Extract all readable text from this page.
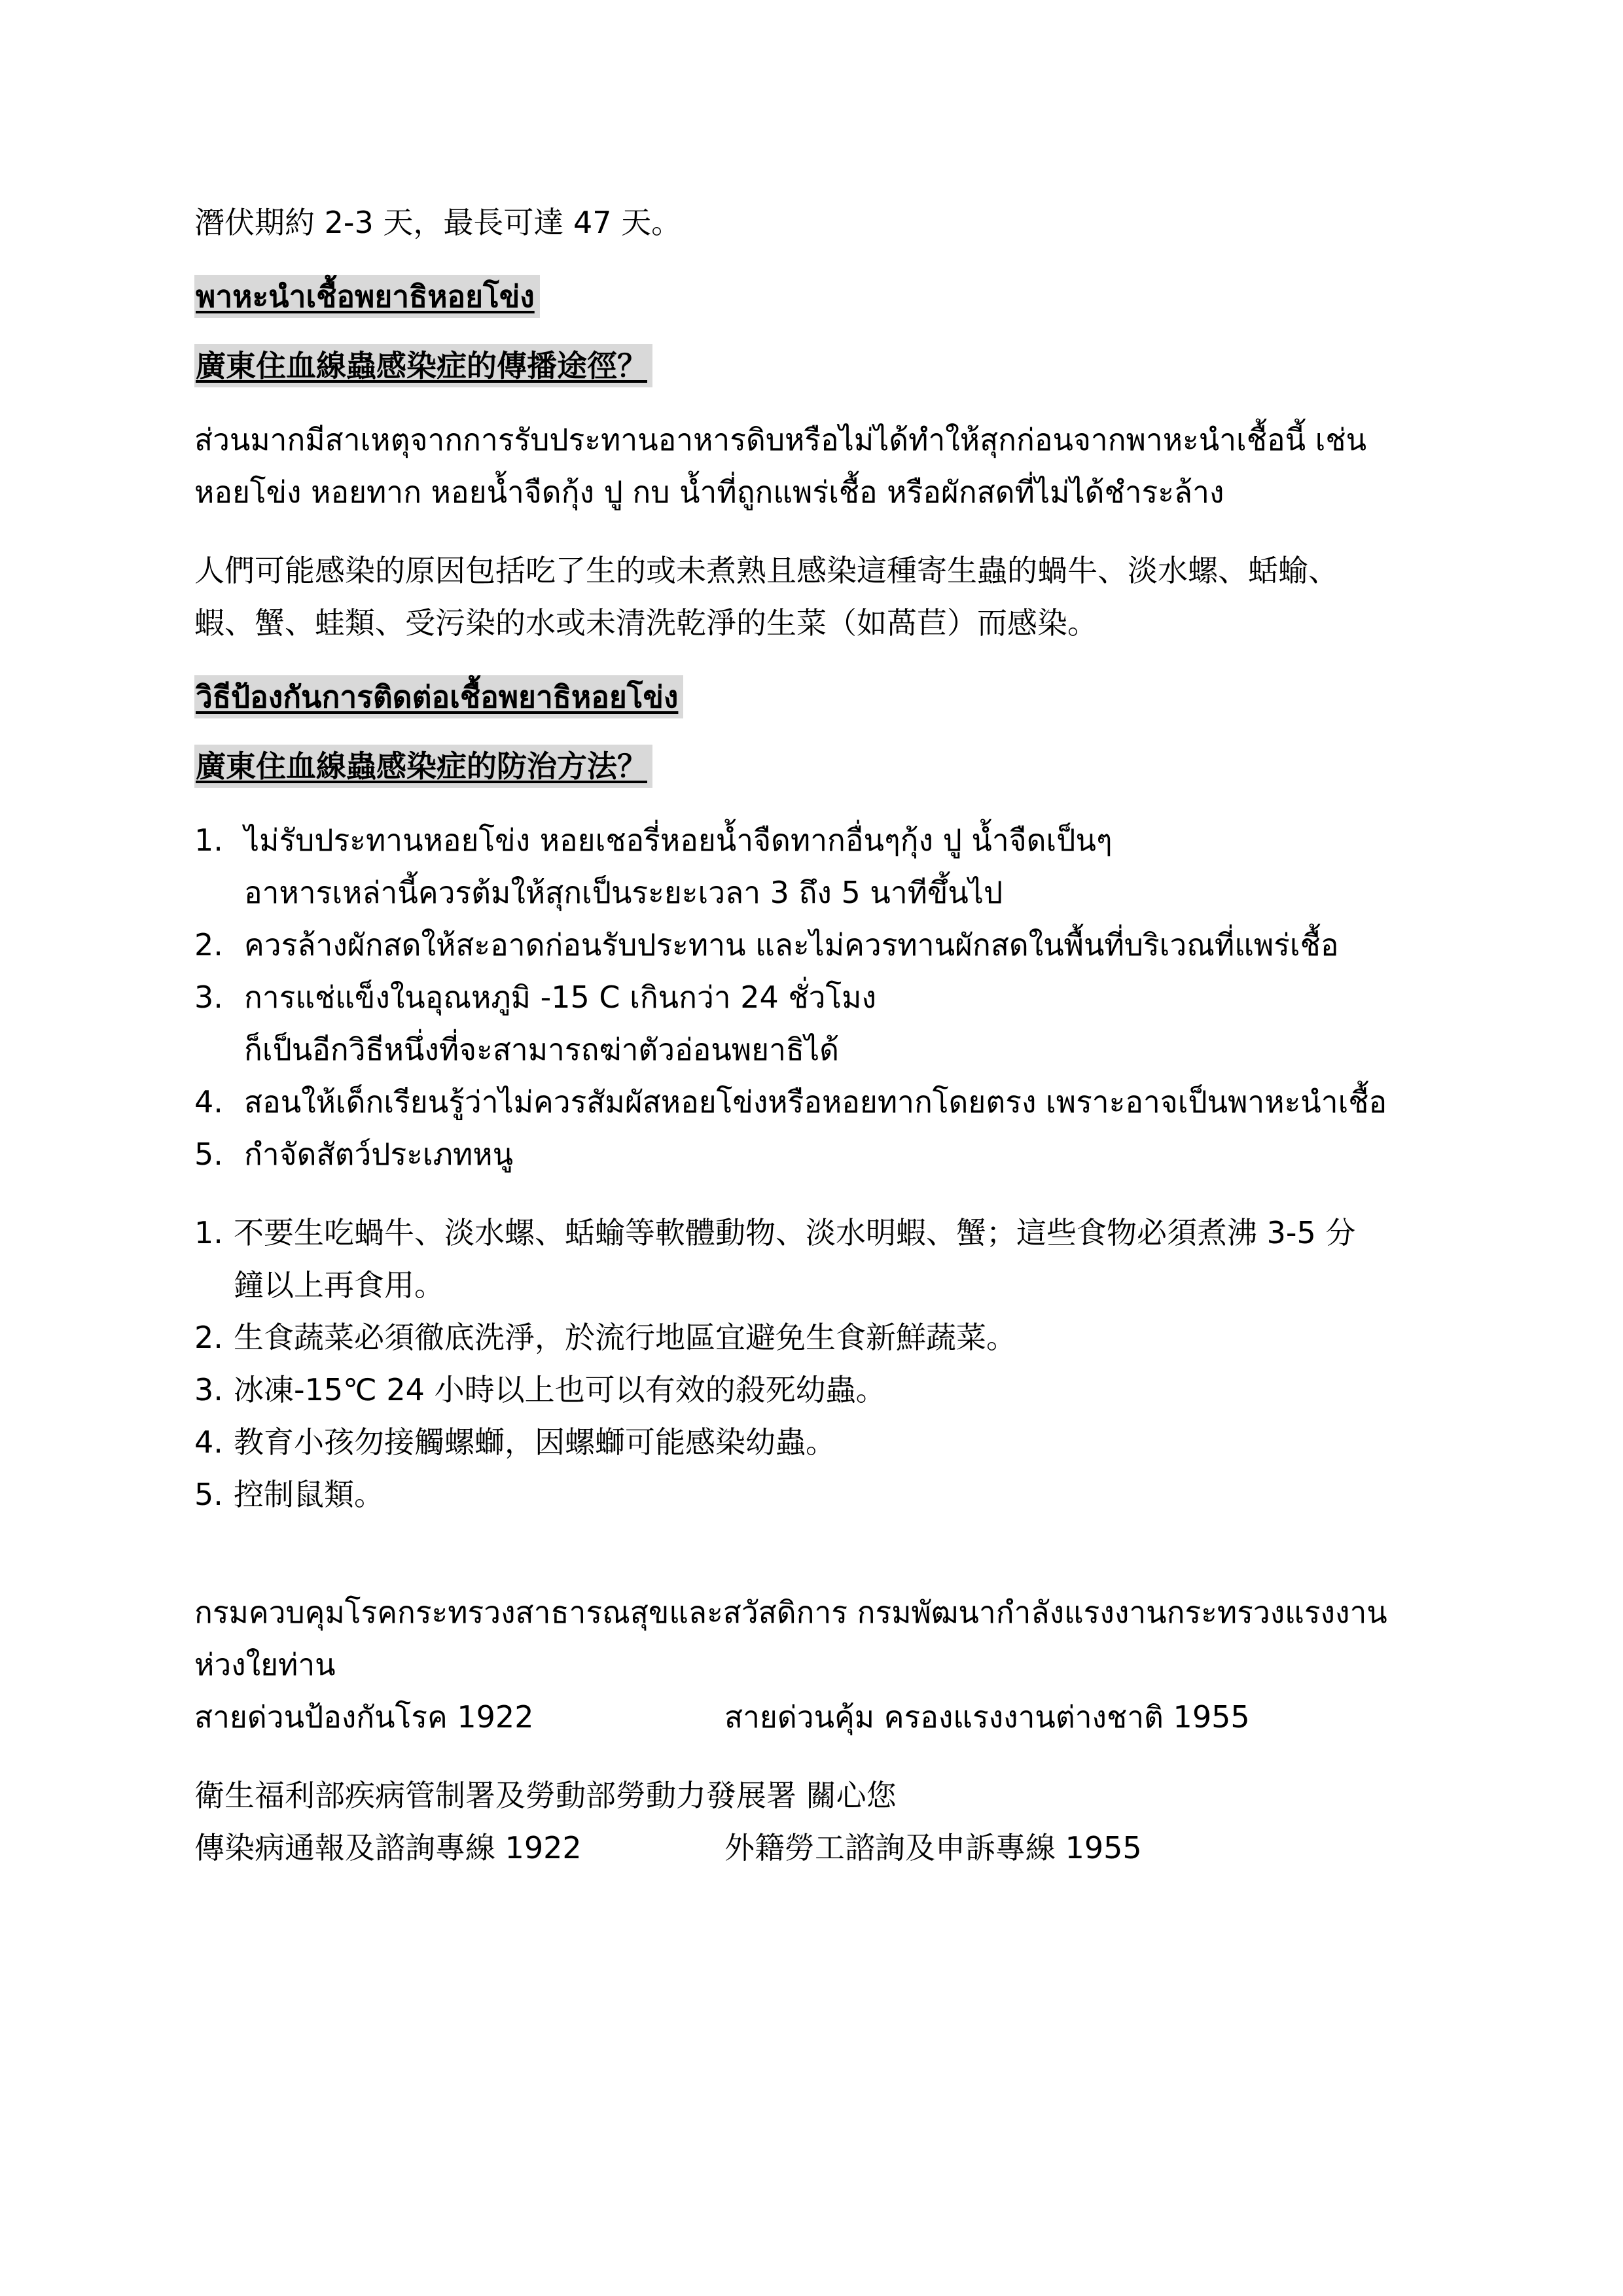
潛伏期約 2-3 天，最長可達 47 天。

พาหะนำเชื้อพยาธิหอยโข่ง
廣東住血線蟲感染症的傳播途徑？

ส่วนมากมีสาเหตุจากการรับประทานอาหารดิบหรือไม่ได้ทำให้สุกก่อนจากพาหะนำเชื้อนี้ เช่น

หอยโข่ง หอยทาก หอยน้ำจืดกุ้ง ปู กบ น้ำที่ถูกแพร่เชื้อ หรือผักสดที่ไม่ได้ชำระล้าง

人們可能感染的原因包括吃了生的或未煮熟且感染這種寄生蟲的蝸牛、淡水螺、蛞蝓、

蝦、蟹、蛙類、受污染的水或未清洗乾淨的生菜（如萵苣）而感染。

วิธีป้องกันการติดต่อเชื้อพยาธิหอยโข่ง
廣東住血線蟲感染症的防治方法？
1. ไม่รับประทานหอยโข่ง หอยเชอรี่หอยน้ำจืดทากอื่นๆกุ้ง ปู น้ำจืดเป็นๆ
อาหารเหล่านี้ควรต้มให้สุกเป็นระยะเวลา 3 ถึง 5 นาทีขึ้นไป
2. ควรล้างผักสดให้สะอาดก่อนรับประทาน และไม่ควรทานผักสดในพื้นที่บริเวณที่แพร่เชื้อ
3. การแช่แข็งในอุณหภูมิ -15 C เกินกว่า 24 ชั่วโมง
ก็เป็นอีกวิธีหนึ่งที่จะสามารถฆ่าตัวอ่อนพยาธิได้
4. สอนให้เด็กเรียนรู้ว่าไม่ควรสัมผัสหอยโข่งหรือหอยทากโดยตรง เพราะอาจเป็นพาหะนำเชื้อ
5. กำจัดสัตว์ประเภทหนู
1. 不要生吃蝸牛、淡水螺、蛞蝓等軟體動物、淡水明蝦、蟹；這些食物必須煮沸 3-5 分
鐘以上再食用。
2. 生食蔬菜必須徹底洗淨，於流行地區宜避免生食新鮮蔬菜。
3. 冰凍-15℃ 24 小時以上也可以有效的殺死幼蟲。
4. 教育小孩勿接觸螺螄，因螺螄可能感染幼蟲。
5. 控制鼠類。

กรมควบคุมโรคกระทรวงสาธารณสุขและสวัสดิการ กรมพัฒนากำลังแรงงานกระทรวงแรงงาน

ห่วงใยท่าน

สายด่วนป้องกันโรค 1922	สายด่วนคุ้ม ครองแรงงานต่างชาติ 1955

衛生福利部疾病管制署及勞動部勞動力發展署 關心您

傳染病通報及諮詢專線 1922	外籍勞工諮詢及申訴專線 1955
